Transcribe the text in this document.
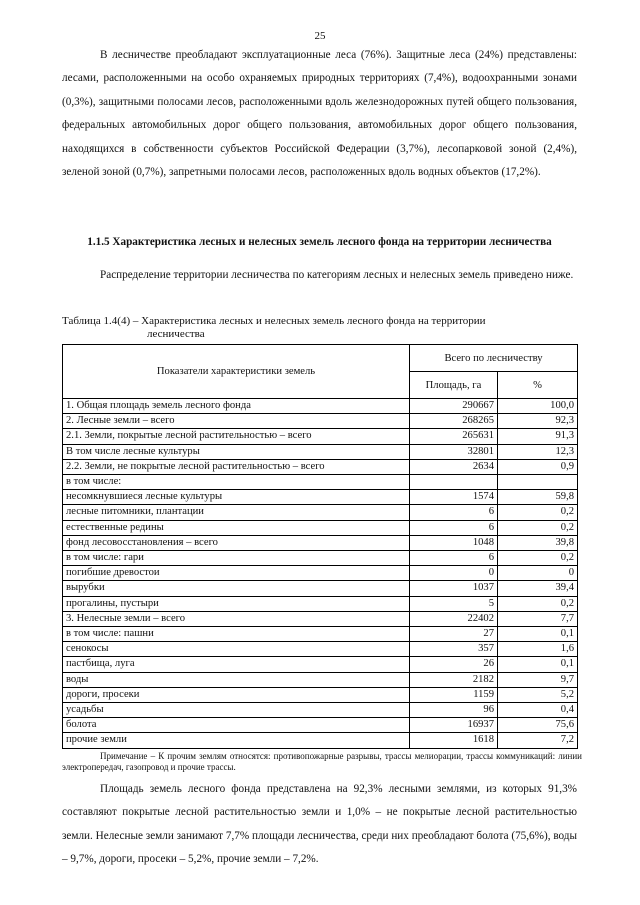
25

В лесничестве преобладают эксплуатационные леса (76%). Защитные леса (24%) представлены: лесами, расположенными на особо охраняемых природных территориях (7,4%), водоохранными зонами (0,3%), защитными полосами лесов, расположенными вдоль железнодорожных путей общего пользования, федеральных автомобильных дорог общего пользования, автомобильных дорог общего пользования, находящихся в собственности субъектов Российской Федерации (3,7%), лесопарковой зоной (2,4%), зеленой зоной (0,7%), запретными полосами лесов, расположенных вдоль водных объектов (17,2%).

1.1.5 Характеристика лесных и нелесных земель лесного фонда на территории лесничества

Распределение территории лесничества по категориям лесных и нелесных земель приведено ниже.

Таблица 1.4(4) – Характеристика лесных и нелесных земель лесного фонда на территории
лесничества

Показатели характеристики земель	Всего по лесничеству	
	Площадь, га	%
1. Общая площадь земель лесного фонда	290667	100,0
2. Лесные земли – всего	268265	92,3
2.1. Земли, покрытые лесной растительностью – всего	265631	91,3
В том числе лесные культуры	32801	12,3
2.2. Земли, не покрытые лесной растительностью – всего	2634	0,9
в том числе:		
несомкнувшиеся лесные культуры	1574	59,8
лесные питомники, плантации	6	0,2
естественные редины	6	0,2
фонд лесовосстановления – всего	1048	39,8
в том числе: гари	6	0,2
погибшие древостои	0	0
вырубки	1037	39,4
прогалины, пустыри	5	0,2
3. Нелесные земли – всего	22402	7,7
в том числе: пашни	27	0,1
сенокосы	357	1,6
пастбища, луга	26	0,1
воды	2182	9,7
дороги, просеки	1159	5,2
усадьбы	96	0,4
болота	16937	75,6
прочие земли	1618	7,2

Примечание – К прочим землям относятся: противопожарные разрывы, трассы мелиорации, трассы коммуникаций: линии электропередач, газопровод и прочие трассы.

Площадь земель лесного фонда представлена на 92,3% лесными землями, из которых 91,3% составляют покрытые лесной растительностью земли и 1,0% – не покрытые лесной растительностью земли. Нелесные земли занимают 7,7% площади лесничества, среди них преобладают болота (75,6%), воды – 9,7%, дороги, просеки – 5,2%, прочие земли – 7,2%.
